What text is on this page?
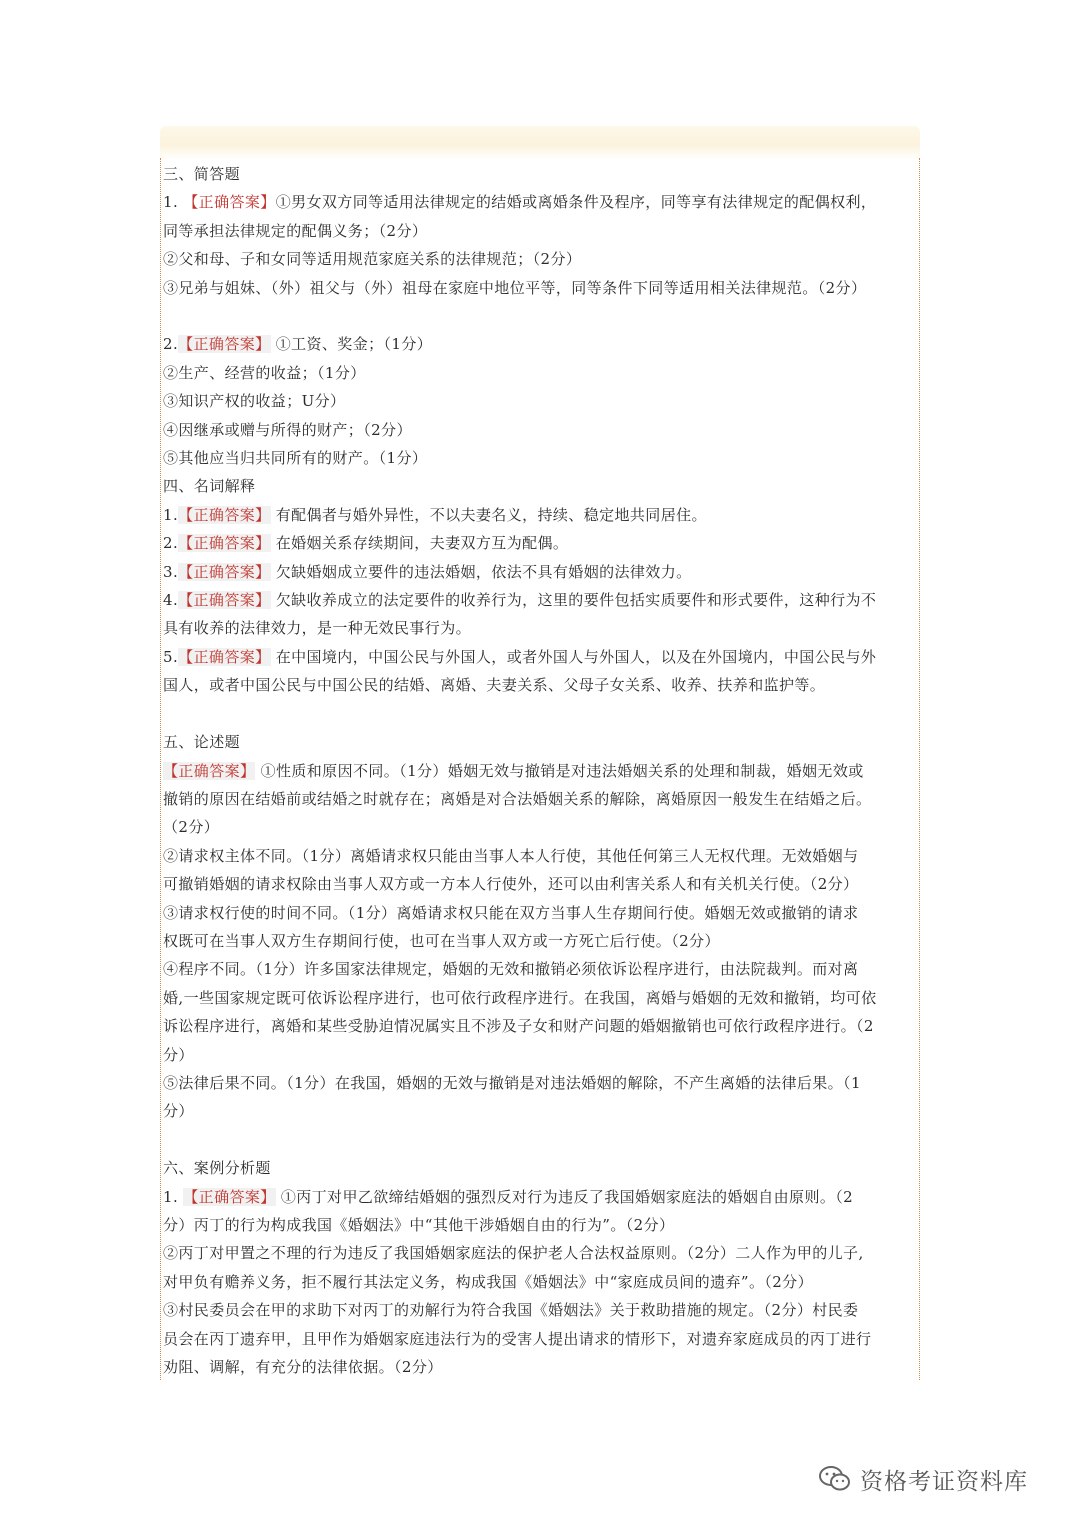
三、简答题

1. 【正确答案】①男女双方同等适用法律规定的结婚或离婚条件及程序，同等享有法律规定的配偶权利，

同等承担法律规定的配偶义务；（2分）

②父和母、子和女同等适用规范家庭关系的法律规范；（2分）

③兄弟与姐妹、（外）祖父与（外）祖母在家庭中地位平等，同等条件下同等适用相关法律规范。（2分）

2.【正确答案】 ①工资、奖金；（1分）

②生产、经营的收益；（1分）

③知识产权的收益；U分）

④因继承或赠与所得的财产；（2分）

⑤其他应当归共同所有的财产。（1分）

四、名词解释

1.【正确答案】 有配偶者与婚外异性，不以夫妻名义，持续、稳定地共同居住。

2.【正确答案】 在婚姻关系存续期间，夫妻双方互为配偶。

3.【正确答案】 欠缺婚姻成立要件的违法婚姻，依法不具有婚姻的法律效力。

4.【正确答案】 欠缺收养成立的法定要件的收养行为，这里的要件包括实质要件和形式要件，这种行为不

具有收养的法律效力，是一种无效民事行为。

5.【正确答案】 在中国境内，中国公民与外国人，或者外国人与外国人，以及在外国境内，中国公民与外

国人，或者中国公民与中国公民的结婚、离婚、夫妻关系、父母子女关系、收养、扶养和监护等。

五、论述题

【正确答案】 ①性质和原因不同。（1分）婚姻无效与撤销是对违法婚姻关系的处理和制裁，婚姻无效或

撤销的原因在结婚前或结婚之时就存在；离婚是对合法婚姻关系的解除，离婚原因一般发生在结婚之后。

（2分）

②请求权主体不同。（1分）离婚请求权只能由当事人本人行使，其他任何第三人无权代理。无效婚姻与

可撤销婚姻的请求权除由当事人双方或一方本人行使外，还可以由利害关系人和有关机关行使。（2分）

③请求权行使的时间不同。（1分）离婚请求权只能在双方当事人生存期间行使。婚姻无效或撤销的请求

权既可在当事人双方生存期间行使，也可在当事人双方或一方死亡后行使。（2分）

④程序不同。（1分）许多国家法律规定，婚姻的无效和撤销必须依诉讼程序进行，由法院裁判。而对离

婚,一些国家规定既可依诉讼程序进行，也可依行政程序进行。在我国，离婚与婚姻的无效和撤销，均可依

诉讼程序进行，离婚和某些受胁迫情况属实且不涉及子女和财产问题的婚姻撤销也可依行政程序进行。（2

分）

⑤法律后果不同。（1分）在我国，婚姻的无效与撤销是对违法婚姻的解除，不产生离婚的法律后果。（1

分）

六、案例分析题

1. 【正确答案】 ①丙丁对甲乙欲缔结婚姻的强烈反对行为违反了我国婚姻家庭法的婚姻自由原则。（2

分）丙丁的行为构成我国《婚姻法》中“其他干涉婚姻自由的行为”。（2分）

②丙丁对甲置之不理的行为违反了我国婚姻家庭法的保护老人合法权益原则。（2分）二人作为甲的儿子,

对甲负有赡养义务，拒不履行其法定义务，构成我国《婚姻法》中“家庭成员间的遗弃”。（2分）

③村民委员会在甲的求助下对丙丁的劝解行为符合我国《婚姻法》关于救助措施的规定。（2分）村民委

员会在丙丁遗弃甲，且甲作为婚姻家庭违法行为的受害人提出请求的情形下，对遗弃家庭成员的丙丁进行

劝阻、调解，有充分的法律依据。（2分）

资格考证资料库
